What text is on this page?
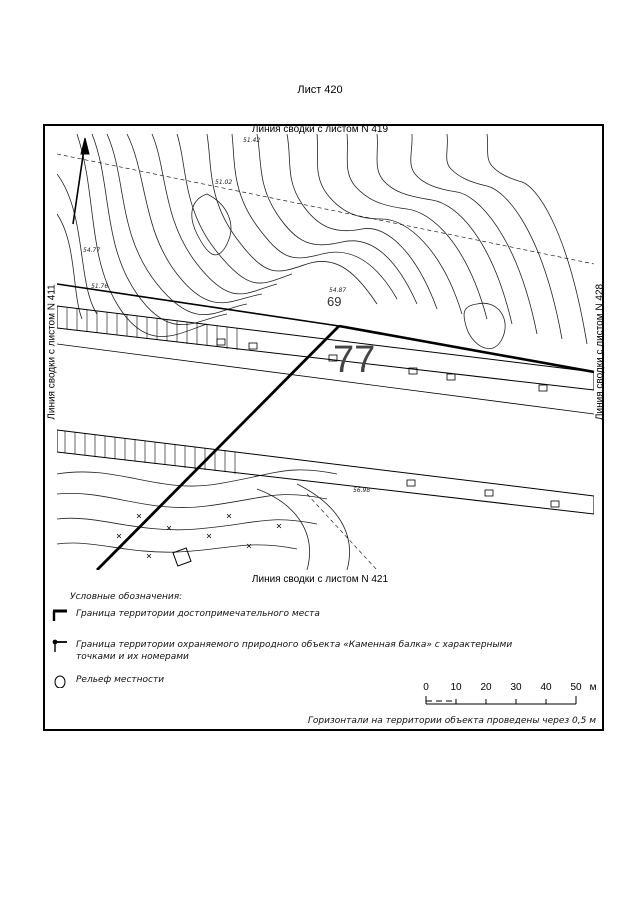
Лист 420
Линия сводки с листом N 419
Линия сводки с листом N 421
Линия сводки с листом N 411	Линия сводки с листом N 428
77
69
51.42
51.02
54.77
51.76
54.87
56.98
Условные обозначения:
Граница территории достопримечательного места
Граница территории охраняемого природного объекта «Каменная балка» с характерными точками и их номерами
Рельеф местности
0 10 20 30 40 50 м
Горизонтали на территории объекта проведены через 0,5 м
